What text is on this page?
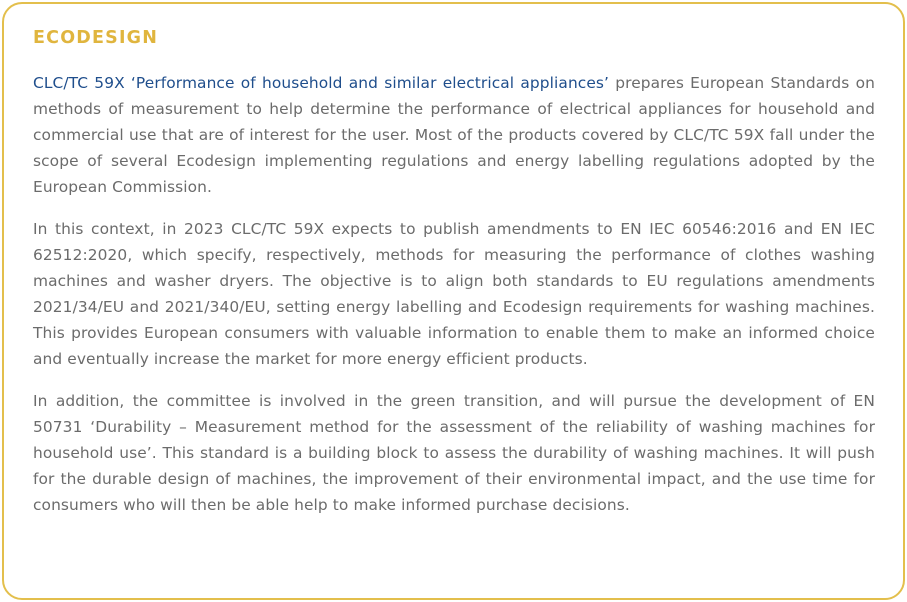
ECODESIGN

CLC/TC 59X ‘Performance of household and similar electrical appliances’ prepares European Standards on methods of measurement to help determine the performance of electrical appliances for household and commercial use that are of interest for the user. Most of the products covered by CLC/TC 59X fall under the scope of several Ecodesign implementing regulations and energy labelling regulations adopted by the European Commission.

In this context, in 2023 CLC/TC 59X expects to publish amendments to EN IEC 60546:2016 and EN IEC 62512:2020, which specify, respectively, methods for measuring the performance of clothes washing machines and washer dryers. The objective is to align both standards to EU regulations amendments 2021/34/EU and 2021/340/EU, setting energy labelling and Ecodesign requirements for washing machines. This provides European consumers with valuable information to enable them to make an informed choice and eventually increase the market for more energy efficient products.

In addition, the committee is involved in the green transition, and will pursue the development of EN 50731 ‘Durability – Measurement method for the assessment of the reliability of washing machines for household use’. This standard is a building block to assess the durability of washing machines. It will push for the durable design of machines, the improvement of their environmental impact, and the use time for consumers who will then be able help to make informed purchase decisions.
